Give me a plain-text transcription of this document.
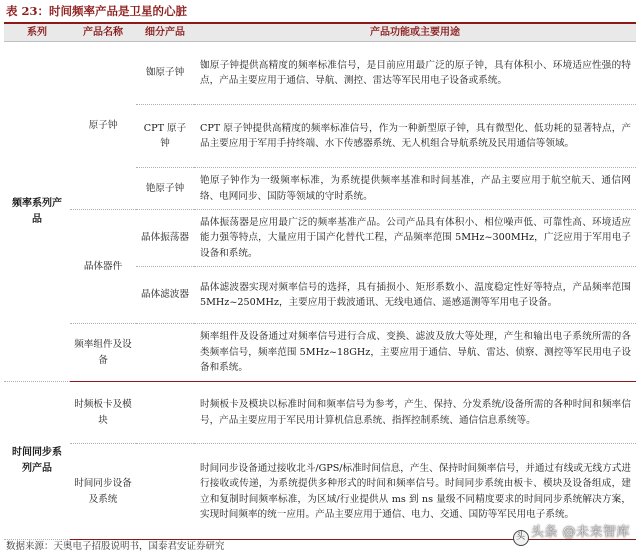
表 23：时间频率产品是卫星的心脏
系列	产品名称	细分产品	产品功能或主要用途
频率系列产品	原子钟	铷原子钟	铷原子钟提供高精度的频率标准信号，是目前应用最广泛的原子钟，具有体积小、环境适应性强的特点，产品主要应用于通信、导航、测控、雷达等军民用电子设备或系统。
		CPT 原子钟	CPT 原子钟提供高精度的频率标准信号，作为一种新型原子钟，具有微型化、低功耗的显著特点，产品主要应用于军用手持终端、水下传感器系统、无人机组合导航系统及民用通信等领域。
		铯原子钟	铯原子钟作为一级频率标准，为系统提供频率基准和时间基准，产品主要应用于航空航天、通信网络、电网同步、国防等领域的守时系统。
	晶体器件	晶体振荡器	晶体振荡器是应用最广泛的频率基准产品。公司产品具有体积小、相位噪声低、可靠性高、环境适应能力强等特点，大量应用于国产化替代工程，产品频率范围 5MHz~300MHz，广泛应用于军用电子设备和系统。
		晶体滤波器	晶体滤波器实现对频率信号的选择，具有插损小、矩形系数小、温度稳定性好等特点，产品频率范围 5MHz~250MHz，主要应用于载波通讯、无线电通信、遥感遥测等军用电子设备。
	频率组件及设备		频率组件及设备通过对频率信号进行合成、变换、滤波及放大等处理，产生和输出电子系统所需的各类频率信号，频率范围 5MHz~18GHz，主要应用于通信、导航、雷达、侦察、测控等军民用电子设备和系统。
时间同步系列产品	时频板卡及模块		时频板卡及模块以标准时间和频率信号为参考，产生、保持、分发系统/设备所需的各种时间和频率信号，产品主要应用于军民用计算机信息系统、指挥控制系统、通信信息系统等。
	时间同步设备及系统		时间同步设备通过接收北斗/GPS/标准时间信息，产生、保持时间频率信号，并通过有线或无线方式进行接收或传递，为系统提供多种形式的时间和频率信号。时间同步系统由板卡、模块及设备组成，建立和复制时间频率标准，为区域/行业提供从 ms 到 ns 量级不同精度要求的时间同步系统解决方案，实现时间频率的统一应用。产品主要应用于通信、电力、交通、国防等军民用电子系统。
数据来源：天奥电子招股说明书，国泰君安证券研究
头 头条 @未来智库
